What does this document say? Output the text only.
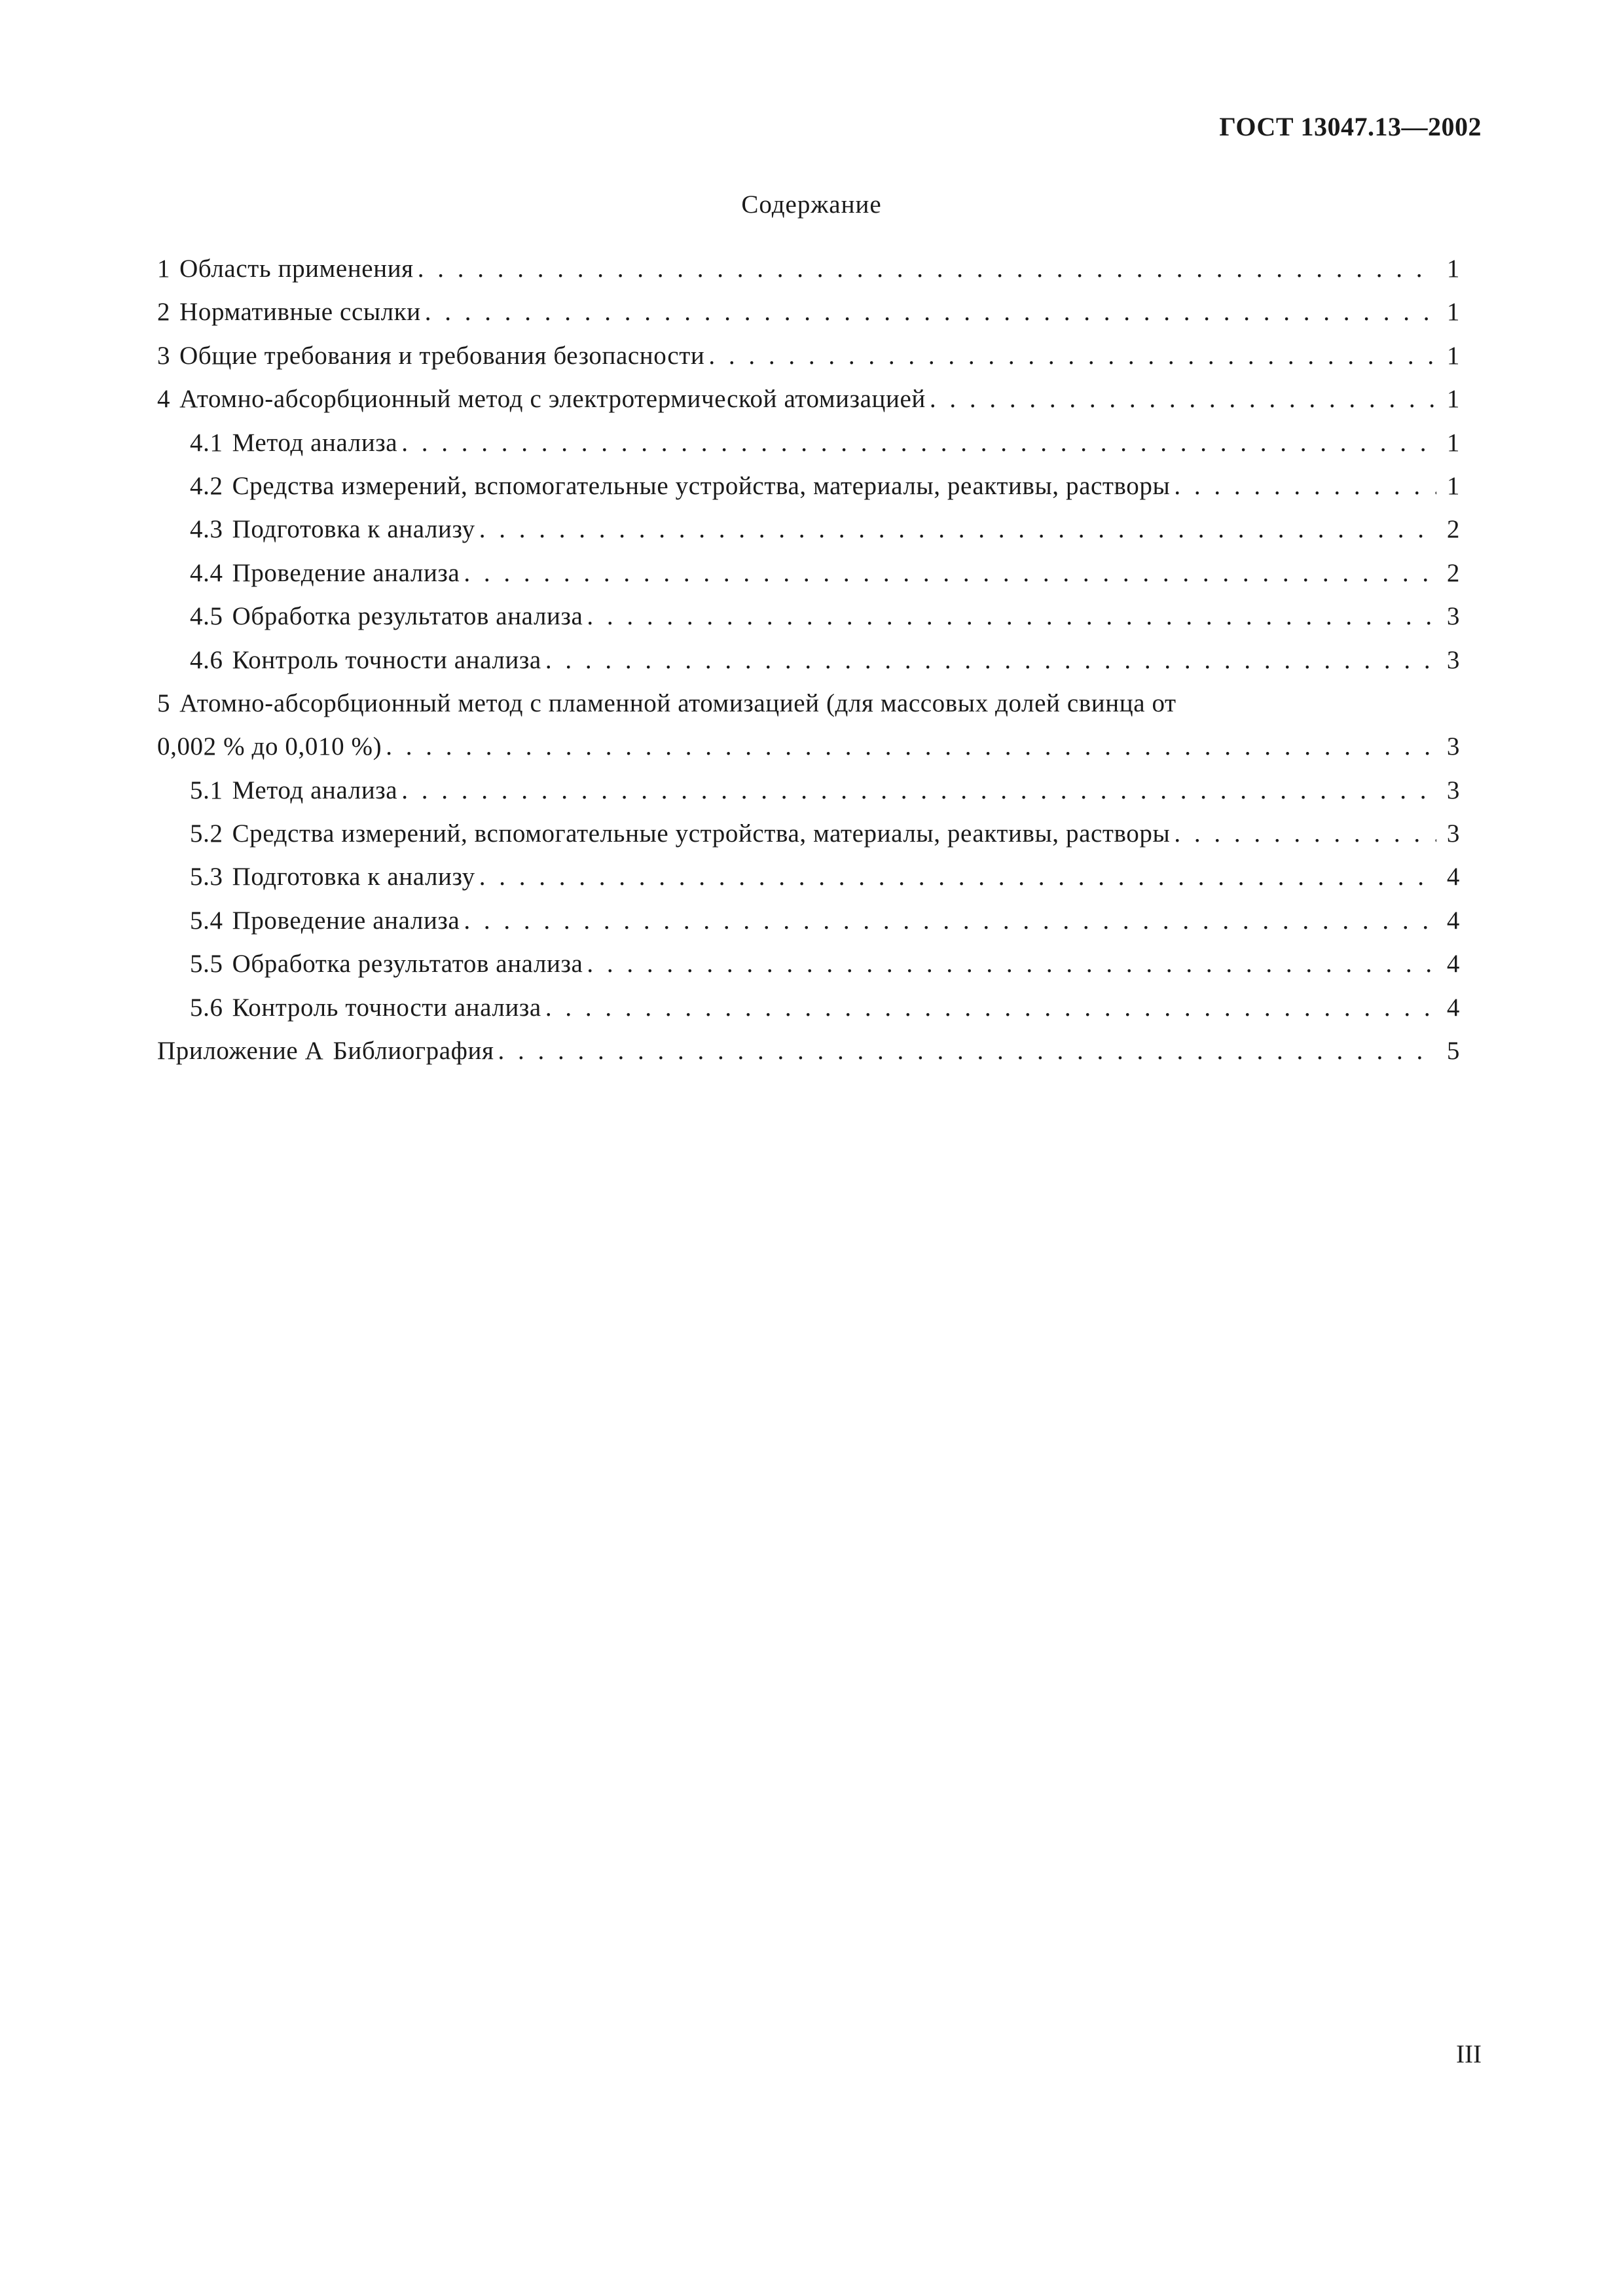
ГОСТ 13047.13—2002
Содержание
1 Область применения . . .	1
2 Нормативные ссылки . . .	1
3 Общие требования и требования безопасности . . .	1
4 Атомно-абсорбционный метод с электротермической атомизацией . . .	1
4.1 Метод анализа . . .	1
4.2 Средства измерений, вспомогательные устройства, материалы, реактивы, растворы . . .	1
4.3 Подготовка к анализу . . .	2
4.4 Проведение анализа . . .	2
4.5 Обработка результатов анализа . . .	3
4.6 Контроль точности анализа . . .	3
5 Атомно-абсорбционный метод с пламенной атомизацией (для массовых долей свинца от
0,002 % до 0,010 %) . . .	3
5.1 Метод анализа . . .	3
5.2 Средства измерений, вспомогательные устройства, материалы, реактивы, растворы . . .	3
5.3 Подготовка к анализу . . .	4
5.4 Проведение анализа . . .	4
5.5 Обработка результатов анализа . . .	4
5.6 Контроль точности анализа . . .	4
Приложение А Библиография . . .	5
III
